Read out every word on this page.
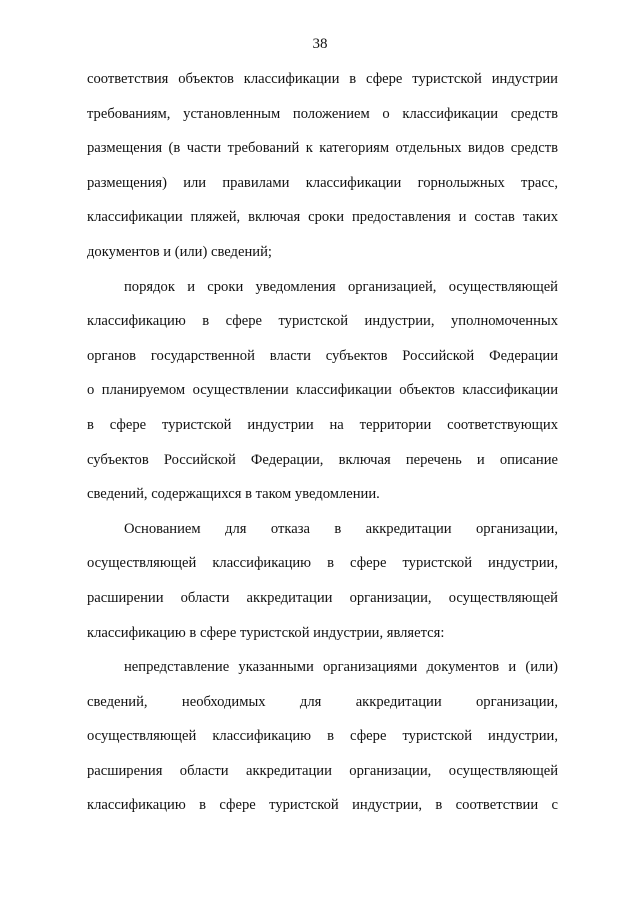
38
соответствия объектов классификации в сфере туристской индустрии
требованиям, установленным положением о классификации средств
размещения (в части требований к категориям отдельных видов средств
размещения) или правилами классификации горнолыжных трасс,
классификации пляжей, включая сроки предоставления и состав таких
документов и (или) сведений;
порядок и сроки уведомления организацией, осуществляющей
классификацию в сфере туристской индустрии, уполномоченных
органов государственной власти субъектов Российской Федерации
о планируемом осуществлении классификации объектов классификации
в сфере туристской индустрии на территории соответствующих
субъектов Российской Федерации, включая перечень и описание
сведений, содержащихся в таком уведомлении.
Основанием для отказа в аккредитации организации,
осуществляющей классификацию в сфере туристской индустрии,
расширении области аккредитации организации, осуществляющей
классификацию в сфере туристской индустрии, является:
непредставление указанными организациями документов и (или)
сведений, необходимых для аккредитации организации,
осуществляющей классификацию в сфере туристской индустрии,
расширения области аккредитации организации, осуществляющей
классификацию в сфере туристской индустрии, в соответствии с
